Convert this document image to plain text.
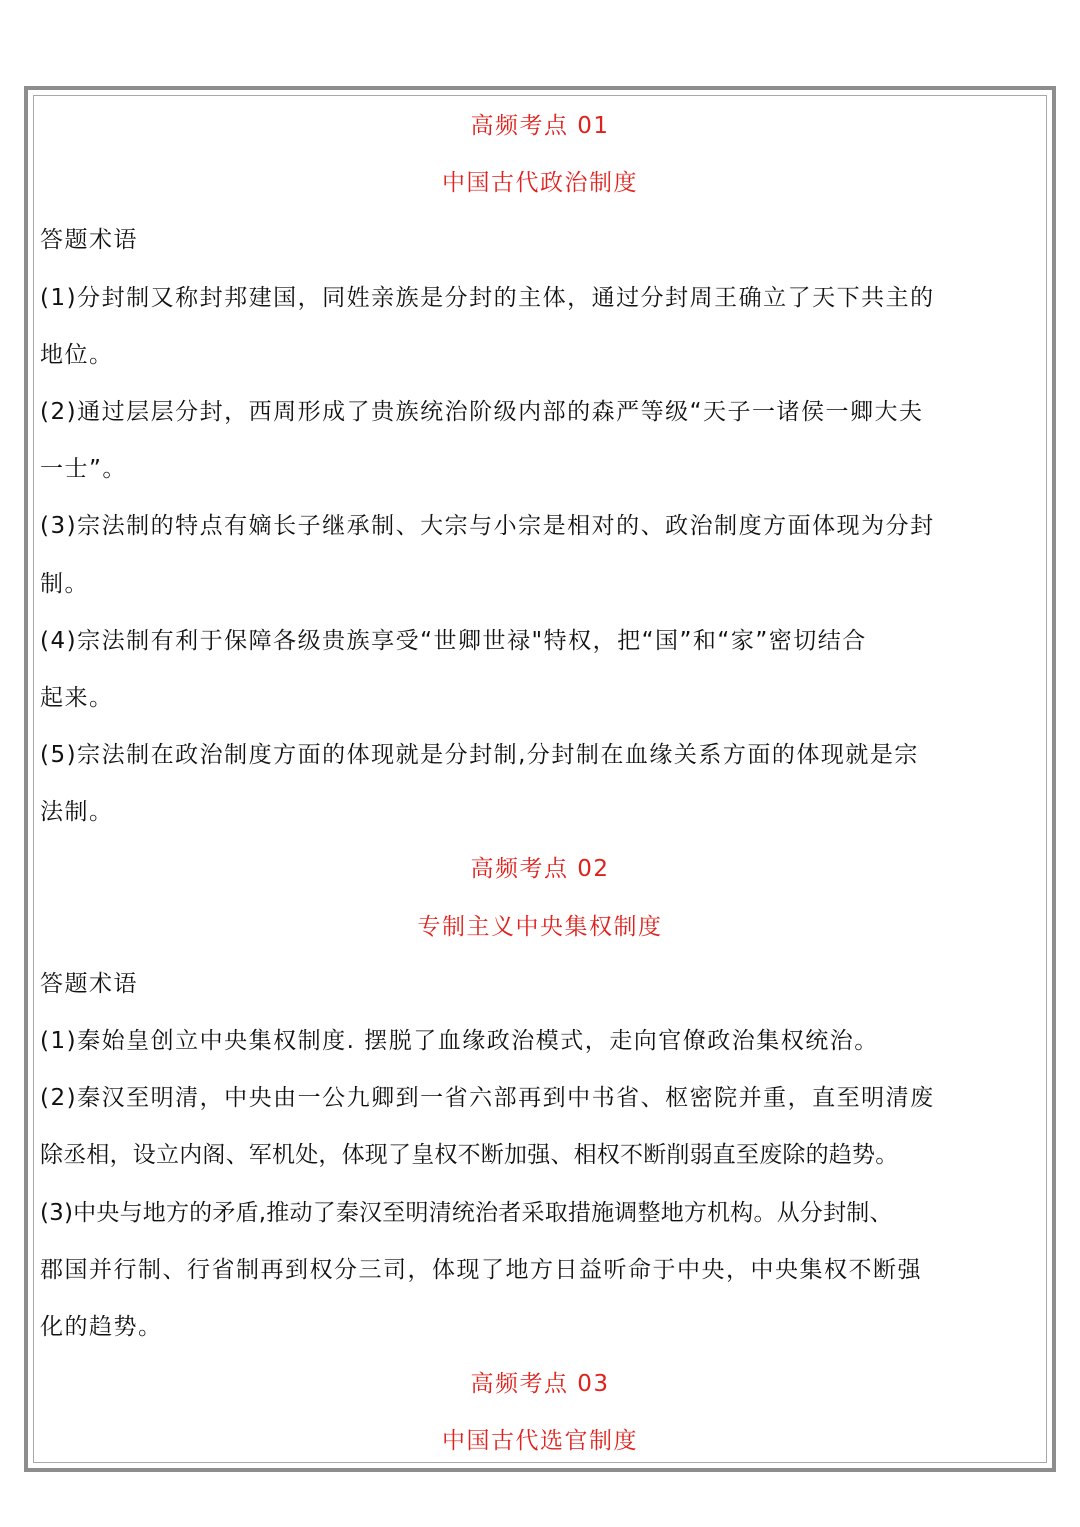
高频考点 01
中国古代政治制度
答题术语
(1)分封制又称封邦建国，同姓亲族是分封的主体，通过分封周王确立了天下共主的
地位。
(2)通过层层分封，西周形成了贵族统治阶级内部的森严等级“天子一诸侯一卿大夫
一士”。
(3)宗法制的特点有嫡长子继承制、大宗与小宗是相对的、政治制度方面体现为分封
制。
(4)宗法制有利于保障各级贵族享受“世卿世禄"特权，把“国”和“家”密切结合
起来。
(5)宗法制在政治制度方面的体现就是分封制,分封制在血缘关系方面的体现就是宗
法制。
高频考点 02
专制主义中央集权制度
答题术语
(1)秦始皇创立中央集权制度. 摆脱了血缘政治模式，走向官僚政治集权统治。
(2)秦汉至明清，中央由一公九卿到一省六部再到中书省、枢密院并重，直至明清废
除丞相，设立内阁、军机处，体现了皇权不断加强、相权不断削弱直至废除的趋势。
(3)中央与地方的矛盾,推动了秦汉至明清统治者采取措施调整地方机构。从分封制、
郡国并行制、行省制再到权分三司，体现了地方日益听命于中央，中央集权不断强
化的趋势。
高频考点 03
中国古代选官制度
